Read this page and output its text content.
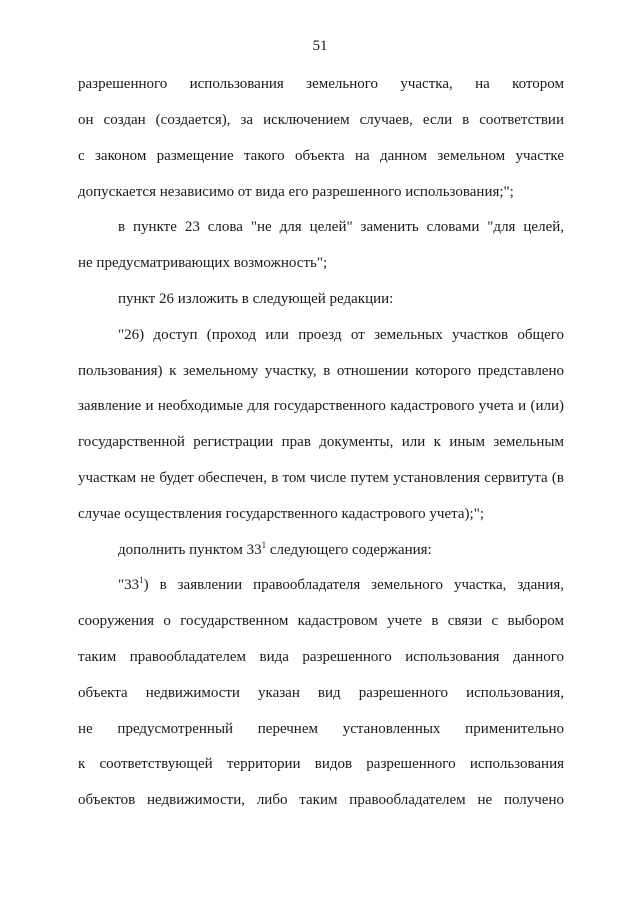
51
разрешенного использования земельного участка, на котором
он создан (создается), за исключением случаев, если в соответствии
с законом размещение такого объекта на данном земельном участке
допускается независимо от вида его разрешенного использования;";
в пункте 23 слова "не для целей" заменить словами "для целей,
не предусматривающих возможность";
пункт 26 изложить в следующей редакции:
"26) доступ (проход или проезд от земельных участков общего
пользования) к земельному участку, в отношении которого представлено
заявление и необходимые для государственного кадастрового учета и (или)
государственной регистрации прав документы, или к иным земельным
участкам не будет обеспечен, в том числе путем установления сервитута (в
случае осуществления государственного кадастрового учета);";
дополнить пунктом $33^1$ следующего содержания:
"$33^1$) в заявлении правообладателя земельного участка, здания,
сооружения о государственном кадастровом учете в связи с выбором
таким правообладателем вида разрешенного использования данного
объекта недвижимости указан вид разрешенного использования,
не предусмотренный перечнем установленных применительно
к соответствующей территории видов разрешенного использования
объектов недвижимости, либо таким правообладателем не получено
